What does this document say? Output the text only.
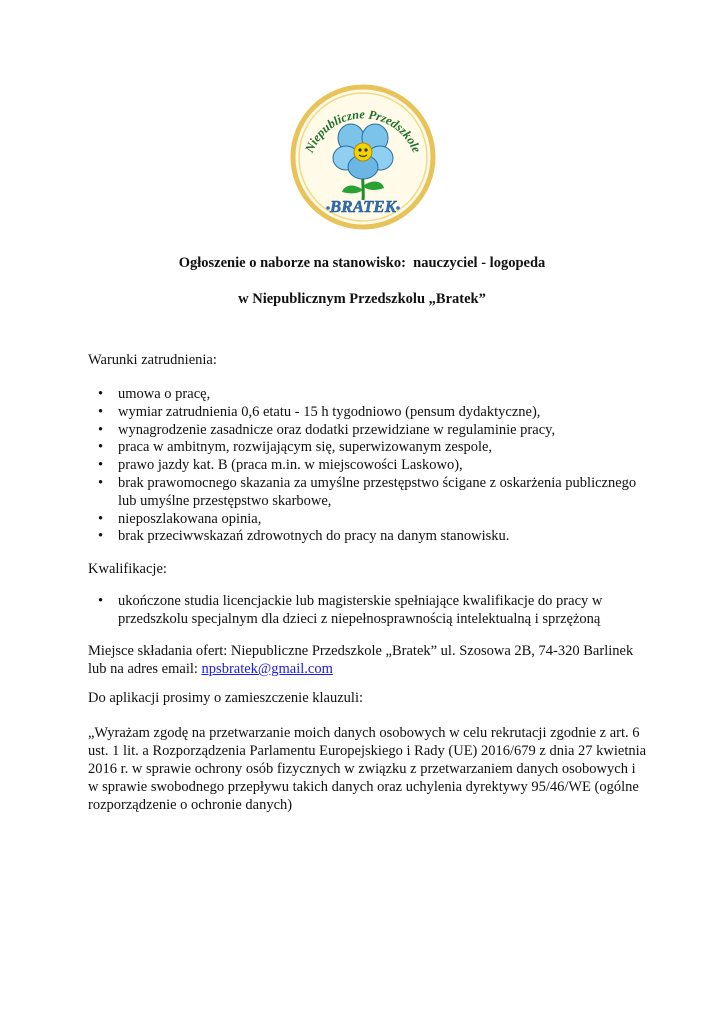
Niepubliczne Przedszkole
BRATEK
Ogłoszenie o naborze na stanowisko:  nauczyciel - logopeda
w Niepublicznym Przedszkolu „Bratek”
Warunki zatrudnienia:
• umowa o pracę,
• wymiar zatrudnienia 0,6 etatu - 15 h tygodniowo (pensum dydaktyczne),
• wynagrodzenie zasadnicze oraz dodatki przewidziane w regulaminie pracy,
• praca w ambitnym, rozwijającym się, superwizowanym zespole,
• prawo jazdy kat. B (praca m.in. w miejscowości Laskowo),
• brak prawomocnego skazania za umyślne przestępstwo ścigane z oskarżenia publicznego lub umyślne przestępstwo skarbowe,
• nieposzlakowana opinia,
• brak przeciwwskazań zdrowotnych do pracy na danym stanowisku.
Kwalifikacje:
• ukończone studia licencjackie lub magisterskie spełniające kwalifikacje do pracy w przedszkolu specjalnym dla dzieci z niepełnosprawnością intelektualną i sprzężoną
Miejsce składania ofert: Niepubliczne Przedszkole „Bratek” ul. Szosowa 2B, 74-320 Barlinek lub na adres email: npsbratek@gmail.com
Do aplikacji prosimy o zamieszczenie klauzuli:
„Wyrażam zgodę na przetwarzanie moich danych osobowych w celu rekrutacji zgodnie z art. 6 ust. 1 lit. a Rozporządzenia Parlamentu Europejskiego i Rady (UE) 2016/679 z dnia 27 kwietnia 2016 r. w sprawie ochrony osób fizycznych w związku z przetwarzaniem danych osobowych i w sprawie swobodnego przepływu takich danych oraz uchylenia dyrektywy 95/46/WE (ogólne rozporządzenie o ochronie danych)
